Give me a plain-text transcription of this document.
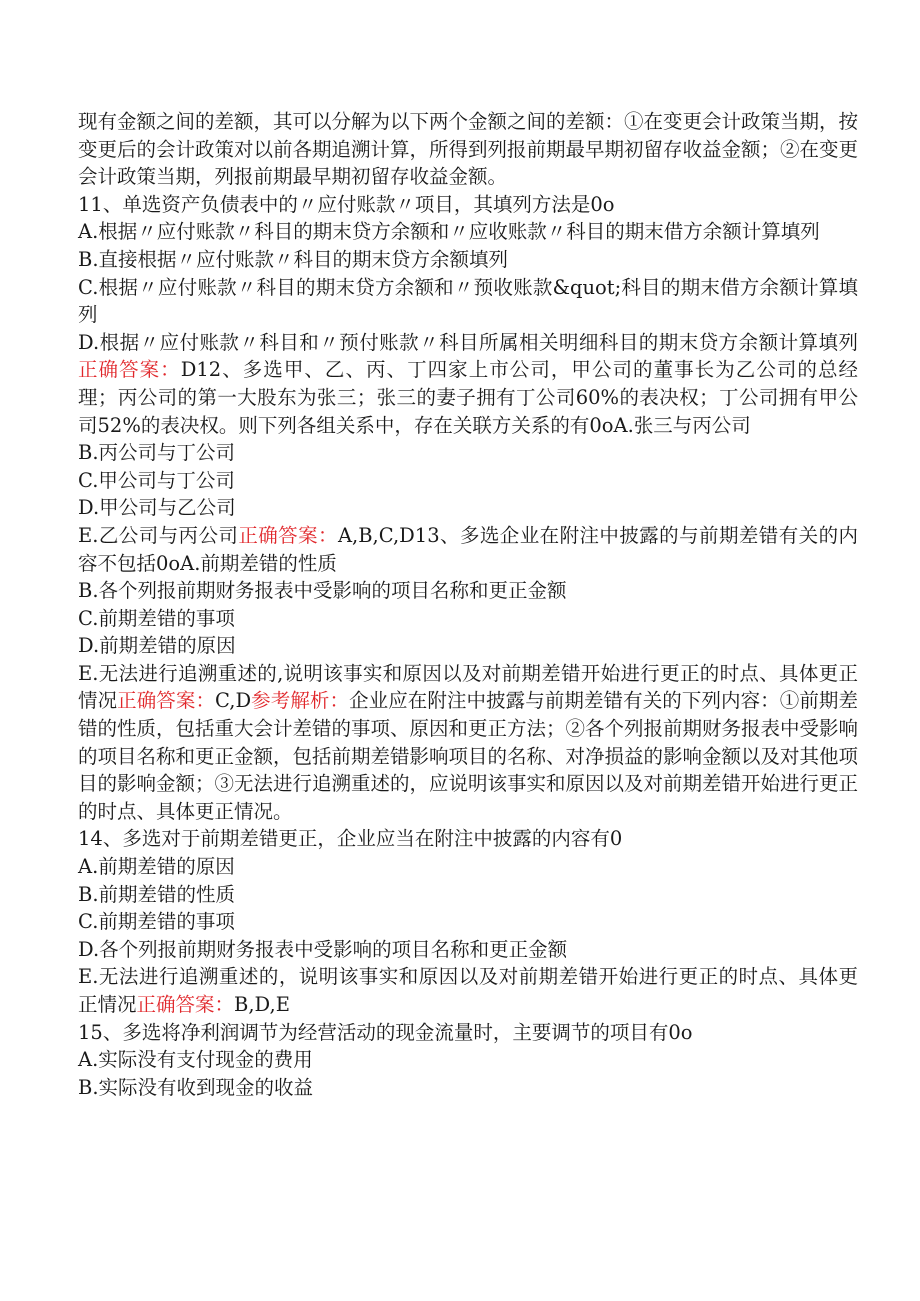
现有金额之间的差额，其可以分解为以下两个金额之间的差额：①在变更会计政策当期，按变更后的会计政策对以前各期追溯计算，所得到列报前期最早期初留存收益金额；②在变更会计政策当期，列报前期最早期初留存收益金额。

11、单选资产负债表中的〃应付账款〃项目，其填列方法是0o

A.根据〃应付账款〃科目的期末贷方余额和〃应收账款〃科目的期末借方余额计算填列

B.直接根据〃应付账款〃科目的期末贷方余额填列

C.根据〃应付账款〃科目的期末贷方余额和〃预收账款&quot;科目的期末借方余额计算填列

D.根据〃应付账款〃科目和〃预付账款〃科目所属相关明细科目的期末贷方余额计算填列正确答案：D12、多选甲、乙、丙、丁四家上市公司，甲公司的董事长为乙公司的总经理；丙公司的第一大股东为张三；张三的妻子拥有丁公司60%的表决权；丁公司拥有甲公司52%的表决权。则下列各组关系中，存在关联方关系的有0oA.张三与丙公司

B.丙公司与丁公司

C.甲公司与丁公司

D.甲公司与乙公司

E.乙公司与丙公司正确答案：A,B,C,D13、多选企业在附注中披露的与前期差错有关的内容不包括0oA.前期差错的性质

B.各个列报前期财务报表中受影响的项目名称和更正金额

C.前期差错的事项

D.前期差错的原因

E.无法进行追溯重述的,说明该事实和原因以及对前期差错开始进行更正的时点、具体更正情况正确答案：C,D参考解析：企业应在附注中披露与前期差错有关的下列内容：①前期差错的性质，包括重大会计差错的事项、原因和更正方法；②各个列报前期财务报表中受影响的项目名称和更正金额，包括前期差错影响项目的名称、对净损益的影响金额以及对其他项目的影响金额；③无法进行追溯重述的，应说明该事实和原因以及对前期差错开始进行更正的时点、具体更正情况。

14、多选对于前期差错更正，企业应当在附注中披露的内容有0

A.前期差错的原因

B.前期差错的性质

C.前期差错的事项

D.各个列报前期财务报表中受影响的项目名称和更正金额

E.无法进行追溯重述的，说明该事实和原因以及对前期差错开始进行更正的时点、具体更正情况正确答案：B,D,E

15、多选将净利润调节为经营活动的现金流量时，主要调节的项目有0o

A.实际没有支付现金的费用

B.实际没有收到现金的收益
